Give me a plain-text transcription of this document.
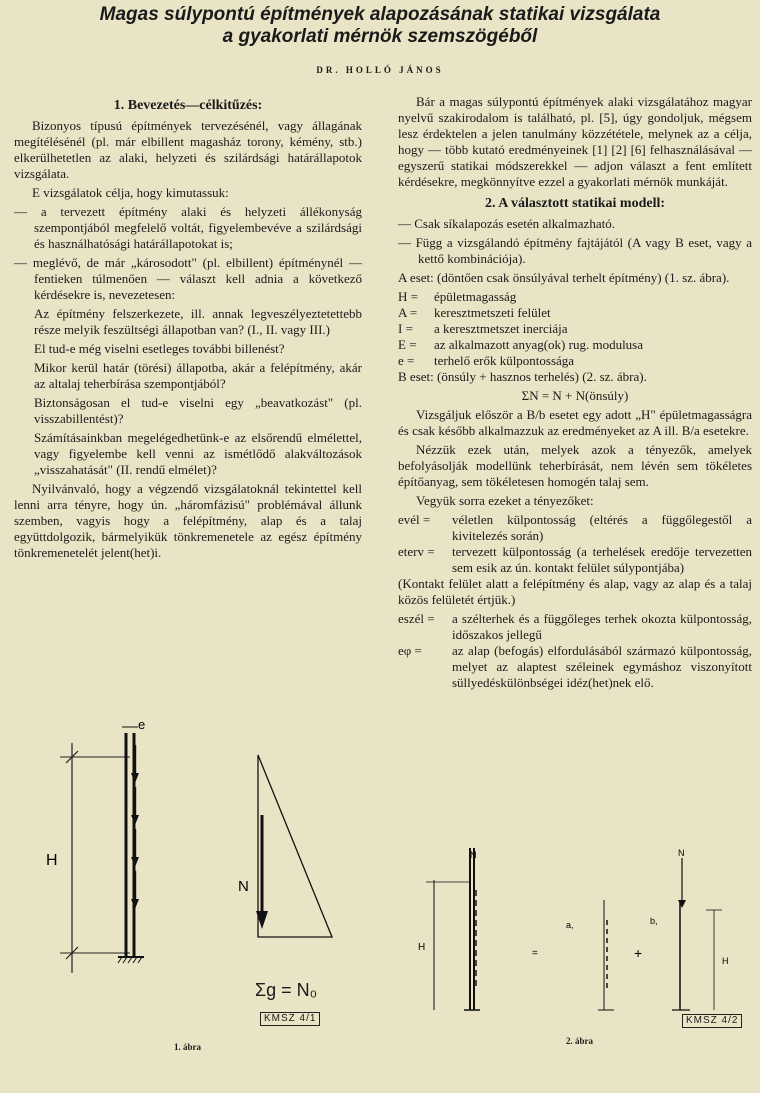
Magas súlypontú építmények alapozásának statikai vizsgálata
a gyakorlati mérnök szemszögéből
DR. HOLLÓ JÁNOS
1. Bevezetés—célkitűzés:

Bizonyos típusú építmények tervezésénél, vagy állagának megítélésénél (pl. már elbillent magasház torony, kémény, stb.) elkerülhetetlen az alaki, helyzeti és szilárdsági határállapotok vizsgálata.

E vizsgálatok célja, hogy kimutassuk:

— a tervezett építmény alaki és helyzeti állékonyság szempontjából megfelelő voltát, figyelembevéve a szilárdsági és használhatósági határállapotokat is;

— meglévő, de már „károsodott" (pl. elbillent) építménynél — fentieken túlmenően — választ kell adnia a következő kérdésekre is, nevezetesen:

Az építmény felszerkezete, ill. annak legveszélyeztetettebb része melyik feszültségi állapotban van? (I., II. vagy III.)

El tud-e még viselni esetleges további billenést?

Mikor kerül határ (törési) állapotba, akár a felépítmény, akár az altalaj teherbírása szempontjából?

Biztonságosan el tud-e viselni egy „beavatkozást" (pl. visszabillentést)?

Számításainkban megelégedhetünk-e az elsőrendű elmélettel, vagy figyelembe kell venni az ismétlődő alakváltozások „visszahatását" (II. rendű elmélet)?

Nyilvánvaló, hogy a végzendő vizsgálatoknál tekintettel kell lenni arra tényre, hogy ún. „háromfázisú" problémával állunk szemben, vagyis hogy a felépítmény, alap és a talaj együttdolgozik, bármelyikük tönkremenetele az egész építmény tönkremenetelét jelent(het)i.

Bár a magas súlypontú építmények alaki vizsgálatához magyar nyelvű szakirodalom is található, pl. [5], úgy gondoljuk, mégsem lesz érdektelen a jelen tanulmány közzététele, melynek az a célja, hogy — több kutató eredményeinek [1] [2] [6] felhasználásával — egyszerű statikai módszerekkel — adjon választ a fent említett kérdésekre, megkönnyítve ezzel a gyakorlati mérnök munkáját.

2. A választott statikai modell:

— Csak síkalapozás esetén alkalmazható.

— Függ a vizsgálandó építmény fajtájától (A vagy B eset, vagy a kettő kombinációja).

A eset: (döntően csak önsúlyával terhelt építmény) (1. sz. ábra).

H =	épületmagasság
A =	keresztmetszeti felület
I =	a keresztmetszet inerciája
E =	az alkalmazott anyag(ok) rug. modulusa
e =	terhelő erők külpontossága

B eset: (önsúly + hasznos terhelés) (2. sz. ábra).

ΣN = N + N(önsúly)

Vizsgáljuk először a B/b esetet egy adott „H" épületmagasságra és csak később alkalmazzuk az eredményeket az A ill. B/a esetekre.

Nézzük ezek után, melyek azok a tényezők, amelyek befolyásolják modellünk teherbírását, nem lévén sem tökéletes építőanyag, sem tökéletesen homogén talaj sem.

Vegyük sorra ezeket a tényezőket:

evél =	véletlen külpontosság (eltérés a függőlegestől a kivitelezés során)
eterv =	tervezett külpontosság (a terhelések eredője tervezetten sem esik az ún. kontakt felület súlypontjába)

(Kontakt felület alatt a felépítmény és alap, vagy az alap és a talaj közös felületét értjük.)

eszél =	a szélterhek és a függőleges terhek okozta külpontosság, időszakos jellegű
eφ =	az alap (befogás) elfordulásából származó külpontosság, melyet az alaptest széleinek egymáshoz viszonyított süllyedéskülönbségei idéz(het)nek elő.
H
e
N
Σg = N₀
KMSZ 4/1
1. ábra
H
N
=
a,
+
b,
N
H
KMSZ 4/2
2. ábra
